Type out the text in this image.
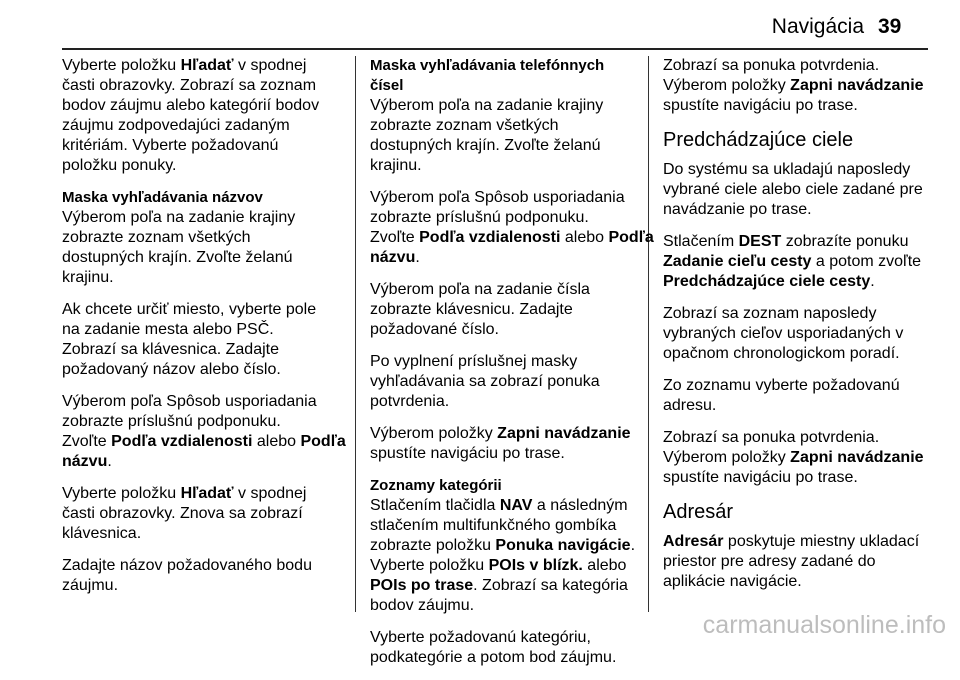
Navigácia 39

Vyberte položku Hľadať v spodnej
časti obrazovky. Zobrazí sa zoznam
bodov záujmu alebo kategórií bodov
záujmu zodpovedajúci zadaným
kritériám. Vyberte požadovanú
položku ponuky.

Maska vyhľadávania názvov

Výberom poľa na zadanie krajiny
zobrazte zoznam všetkých
dostupných krajín. Zvoľte želanú
krajinu.

Ak chcete určiť miesto, vyberte pole
na zadanie mesta alebo PSČ.
Zobrazí sa klávesnica. Zadajte
požadovaný názov alebo číslo.

Výberom poľa Spôsob usporiadania
zobrazte príslušnú podponuku.
Zvoľte Podľa vzdialenosti alebo Podľa
názvu.

Vyberte položku Hľadať v spodnej
časti obrazovky. Znova sa zobrazí
klávesnica.

Zadajte názov požadovaného bodu
záujmu.

Maska vyhľadávania telefónnych
čísel

Výberom poľa na zadanie krajiny
zobrazte zoznam všetkých
dostupných krajín. Zvoľte želanú
krajinu.

Výberom poľa Spôsob usporiadania
zobrazte príslušnú podponuku.
Zvoľte Podľa vzdialenosti alebo Podľa
názvu.

Výberom poľa na zadanie čísla
zobrazte klávesnicu. Zadajte
požadované číslo.

Po vyplnení príslušnej masky
vyhľadávania sa zobrazí ponuka
potvrdenia.

Výberom položky Zapni navádzanie
spustíte navigáciu po trase.

Zoznamy kategórii

Stlačením tlačidla NAV a následným
stlačením multifunkčného gombíka
zobrazte položku Ponuka navigácie.
Vyberte položku POIs v blízk. alebo
POIs po trase. Zobrazí sa kategória
bodov záujmu.

Vyberte požadovanú kategóriu,
podkategórie a potom bod záujmu.

Zobrazí sa ponuka potvrdenia.
Výberom položky Zapni navádzanie
spustíte navigáciu po trase.

Predchádzajúce ciele

Do systému sa ukladajú naposledy
vybrané ciele alebo ciele zadané pre
navádzanie po trase.

Stlačením DEST zobrazíte ponuku
Zadanie cieľu cesty a potom zvoľte
Predchádzajúce ciele cesty.

Zobrazí sa zoznam naposledy
vybraných cieľov usporiadaných v
opačnom chronologickom poradí.

Zo zoznamu vyberte požadovanú
adresu.

Zobrazí sa ponuka potvrdenia.
Výberom položky Zapni navádzanie
spustíte navigáciu po trase.

Adresár

Adresár poskytuje miestny ukladací
priestor pre adresy zadané do
aplikácie navigácie.

carmanualsonline.info
